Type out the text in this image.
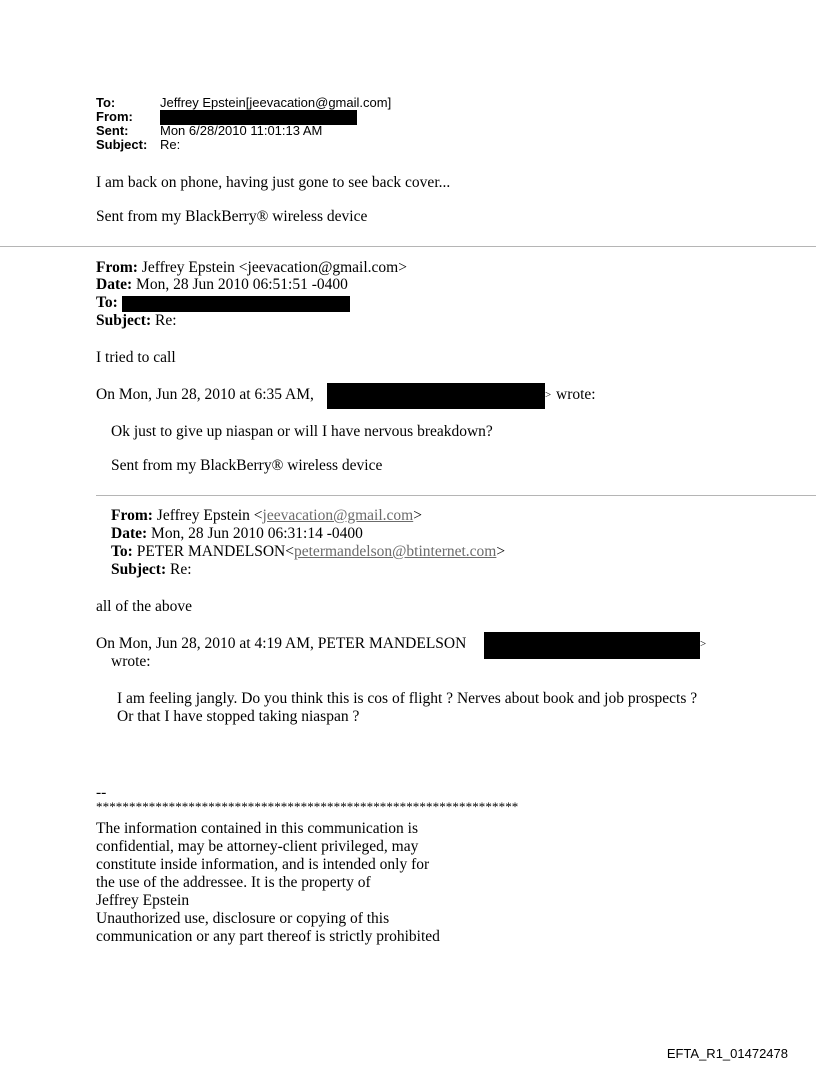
To:	Jeffrey Epstein[jeevacation@gmail.com]
From:
Sent: Mon 6/28/2010 11:01:13 AM
Subject: Re:
I am back on phone, having just gone to see back cover...
Sent from my BlackBerry® wireless device
From: Jeffrey Epstein <jeevacation@gmail.com>
Date: Mon, 28 Jun 2010 06:51:51 -0400
To:
Subject: Re:
I tried to call
On Mon, Jun 28, 2010 at 6:35 AM,	> wrote:
Ok just to give up niaspan or will I have nervous breakdown?
Sent from my BlackBerry® wireless device
From: Jeffrey Epstein <jeevacation@gmail.com>
Date: Mon, 28 Jun 2010 06:31:14 -0400
To: PETER MANDELSON<petermandelson@btinternet.com>
Subject: Re:
all of the above
On Mon, Jun 28, 2010 at 4:19 AM, PETER MANDELSON	>
wrote:
I am feeling jangly. Do you think this is cos of flight ? Nerves about book and job prospects ?
Or that I have stopped taking niaspan ?
--
****************************************************************
The information contained in this communication is
confidential, may be attorney-client privileged, may
constitute inside information, and is intended only for
the use of the addressee. It is the property of
Jeffrey Epstein
Unauthorized use, disclosure or copying of this
communication or any part thereof is strictly prohibited
EFTA_R1_01472478
